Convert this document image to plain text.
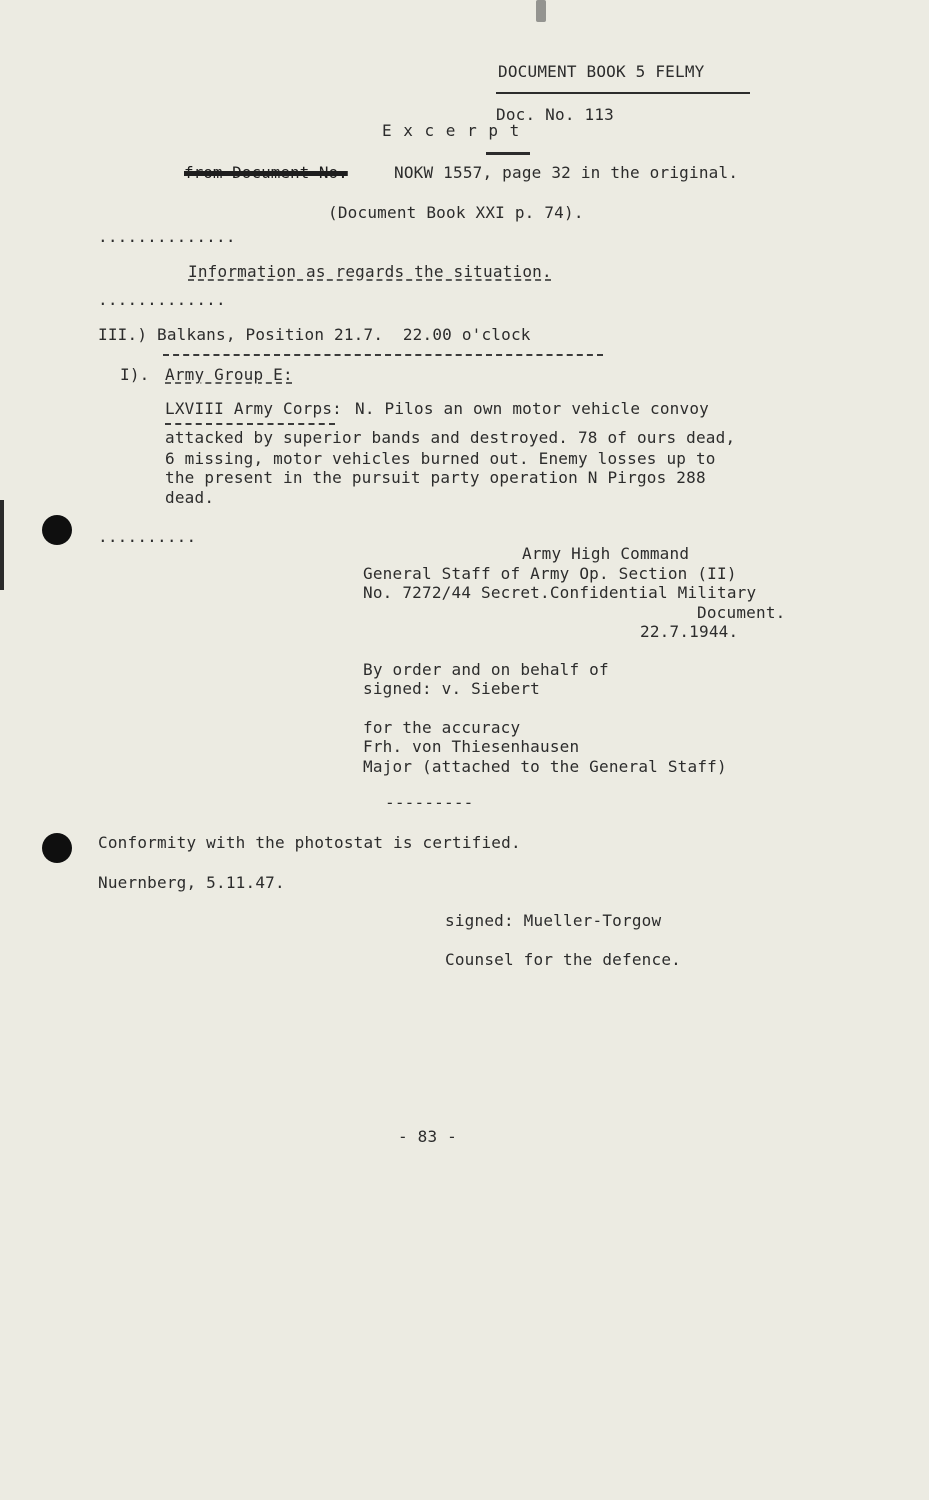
DOCUMENT BOOK 5 FELMY
Doc. No. 113
E x c e r p t
from Document No.	NOKW 1557, page 32 in the original.
(Document Book XXI p. 74).
..............
Information as regards the situation.
.............
III.) Balkans, Position 21.7.  22.00 o'clock
I). Army Group E:
LXVIII Army Corps: N. Pilos an own motor vehicle convoy
attacked by superior bands and destroyed. 78 of ours dead,
6 missing, motor vehicles burned out. Enemy losses up to
the present in the pursuit party operation N Pirgos 288
dead.
..........
Army High Command
General Staff of Army Op. Section (II)
No. 7272/44 Secret.Confidential Military
Document.
22.7.1944.
By order and on behalf of
signed: v. Siebert
for the accuracy
Frh. von Thiesenhausen
Major (attached to the General Staff)
---------
Conformity with the photostat is certified.
Nuernberg, 5.11.47.
signed: Mueller-Torgow
Counsel for the defence.
- 83 -
